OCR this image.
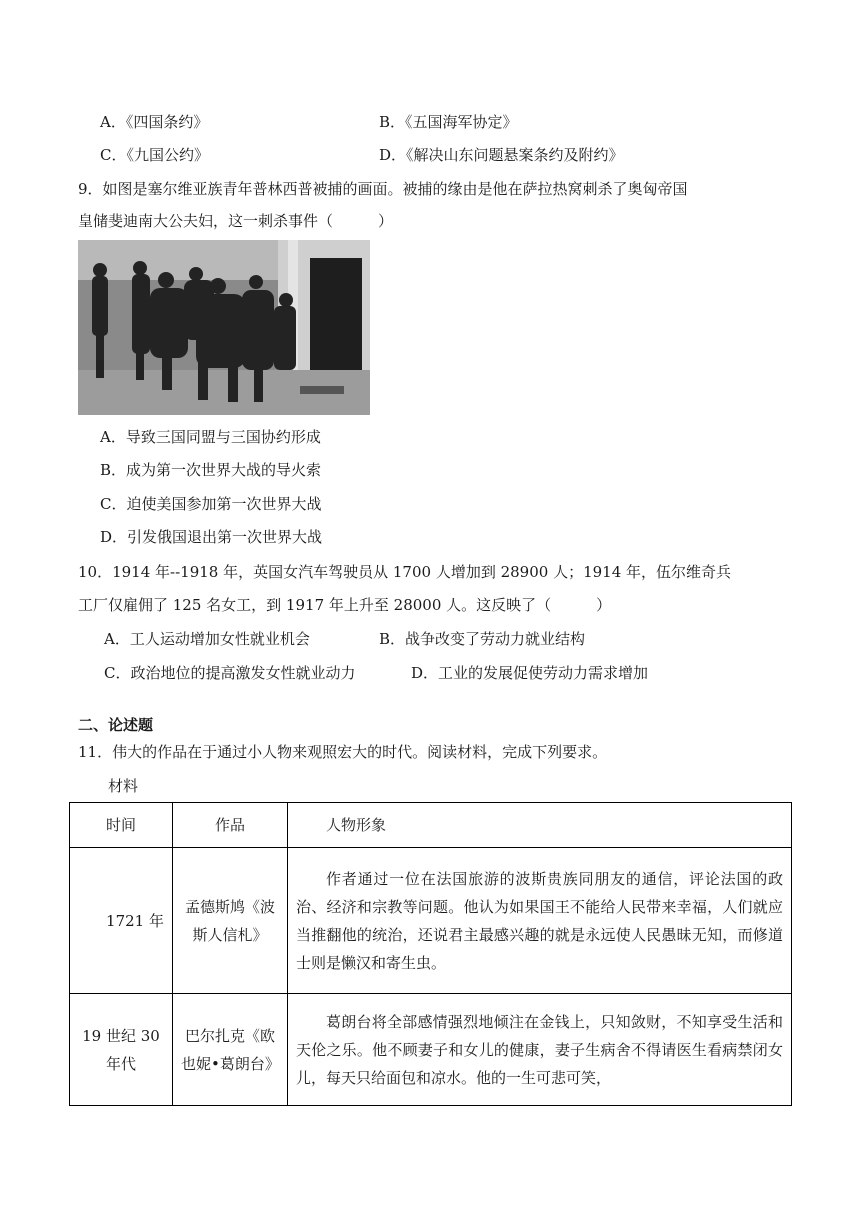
A．《四国条约》	B．《五国海军协定》
C．《九国公约》	D．《解决山东问题悬案条约及附约》
9．如图是塞尔维亚族青年普林西普被捕的画面。被捕的缘由是他在萨拉热窝刺杀了奥匈帝国
皇储斐迪南大公夫妇，这一刺杀事件（　　　）
A．导致三国同盟与三国协约形成
B．成为第一次世界大战的导火索
C．迫使美国参加第一次世界大战
D．引发俄国退出第一次世界大战
10．1914 年--1918 年，英国女汽车驾驶员从 1700 人增加到 28900 人；1914 年，伍尔维奇兵
工厂仅雇佣了 125 名女工，到 1917 年上升至 28000 人。这反映了（　　　）
A．工人运动增加女性就业机会	B．战争改变了劳动力就业结构
C．政治地位的提高激发女性就业动力	D．工业的发展促使劳动力需求增加
二、论述题
11．伟大的作品在于通过小人物来观照宏大的时代。阅读材料，完成下列要求。
材料
时间	作品	人物形象
1721 年	孟德斯鸠《波斯人信札》	作者通过一位在法国旅游的波斯贵族同朋友的通信，评论法国的政治、经济和宗教等问题。他认为如果国王不能给人民带来幸福，人们就应当推翻他的统治，还说君主最感兴趣的就是永远使人民愚昧无知，而修道士则是懒汉和寄生虫。

19 世纪 30 年代	巴尔扎克《欧也妮•葛朗台》	葛朗台将全部感情强烈地倾注在金钱上，只知敛财，不知享受生活和天伦之乐。他不顾妻子和女儿的健康，妻子生病舍不得请医生看病禁闭女儿，每天只给面包和凉水。他的一生可悲可笑，
